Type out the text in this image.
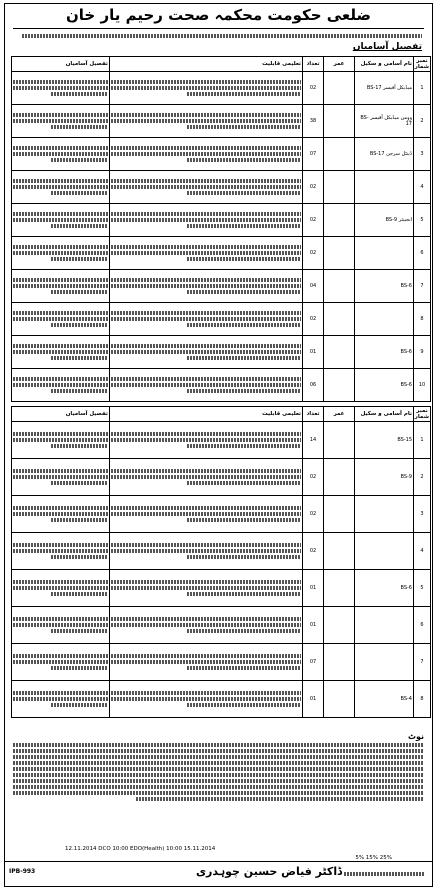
ضلعی حکومت محکمہ صحت رحیم یار خان
تفصیل آسامیاں
تفصیل آسامیاں	تعلیمی قابلیت	تعداد	عمر	نام آسامی و سکیل	نمبر شمار

	02		میڈیکل آفیسر BS-17	1

	38		وومن میڈیکل آفیسر BS-17	2

	07		ڈینٹل سرجن BS-17	3

	02			4

	02		انجینئر BS-9	5

	02			6

	04		BS-6	7

	02			8

	01		BS-6	9

	06		BS-6	10
تفصیل آسامیاں	تعلیمی قابلیت	تعداد	عمر	نام آسامی و سکیل	نمبر شمار

	14		BS-15	1

	02		BS-9	2

	02			3

	02			4

	01		BS-6	5

	01			6

	07			7

	01		BS-4	8
نوٹ
12.11.2014 DCO 10:00 EDO(Health) 10:00 15.11.2014
5% 15% 25%
IPB-993	ڈاکٹر فیاض حسین چوہدری
